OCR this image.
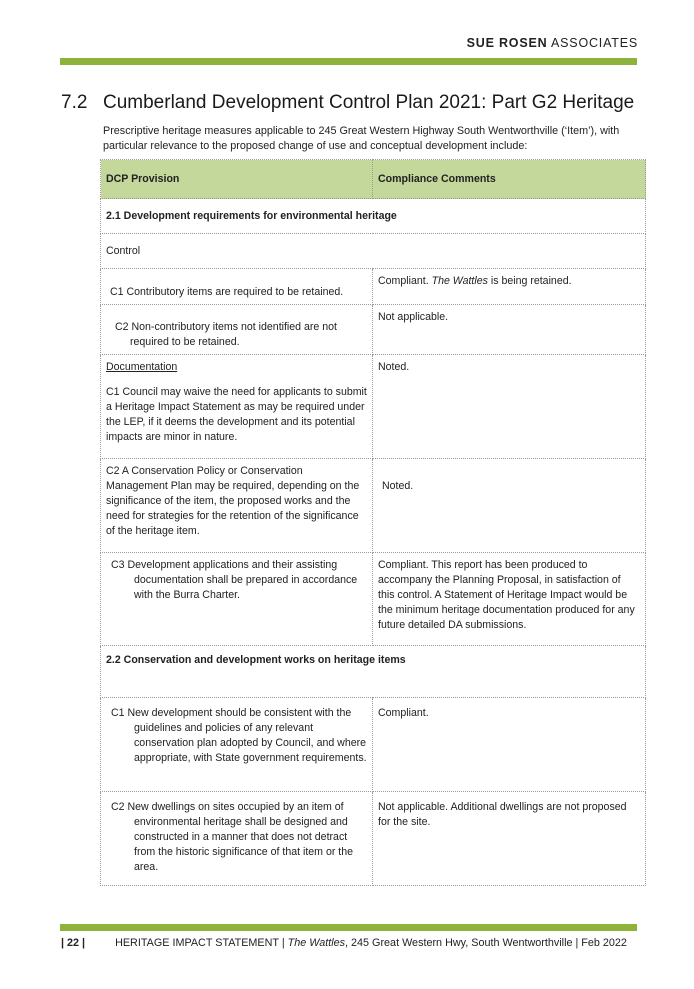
SUE ROSEN ASSOCIATES
7.2 Cumberland Development Control Plan 2021: Part G2 Heritage
Prescriptive heritage measures applicable to 245 Great Western Highway South Wentworthville (‘Item’), with particular relevance to the proposed change of use and conceptual development include:
DCP Provision	Compliance Comments
2.1 Development requirements for environmental heritage	
Control	
C1 Contributory items are required to be retained.	Compliant. The Wattles is being retained.

C2 Non-contributory items not identified are not required to be retained.	Not applicable.

Documentation
C1 Council may waive the need for applicants to submit a Heritage Impact Statement as may be required under the LEP, if it deems the development and its potential impacts are minor in nature.	Noted.
C2 A Conservation Policy or Conservation Management Plan may be required, depending on the significance of the item, the proposed works and the need for strategies for the retention of the significance of the heritage item.	Noted.

C3 Development applications and their assisting documentation shall be prepared in accordance with the Burra Charter.	Compliant. This report has been produced to accompany the Planning Proposal, in satisfaction of this control. A Statement of Heritage Impact would be the minimum heritage documentation produced for any future detailed DA submissions.
2.2 Conservation and development works on heritage items	

C1 New development should be consistent with the guidelines and policies of any relevant conservation plan adopted by Council, and where appropriate, with State government requirements.	Compliant.

C2 New dwellings on sites occupied by an item of environmental heritage shall be designed and constructed in a manner that does not detract from the historic significance of that item or the area.	Not applicable. Additional dwellings are not proposed for the site.
| 22 |	HERITAGE IMPACT STATEMENT | The Wattles, 245 Great Western Hwy, South Wentworthville | Feb 2022
